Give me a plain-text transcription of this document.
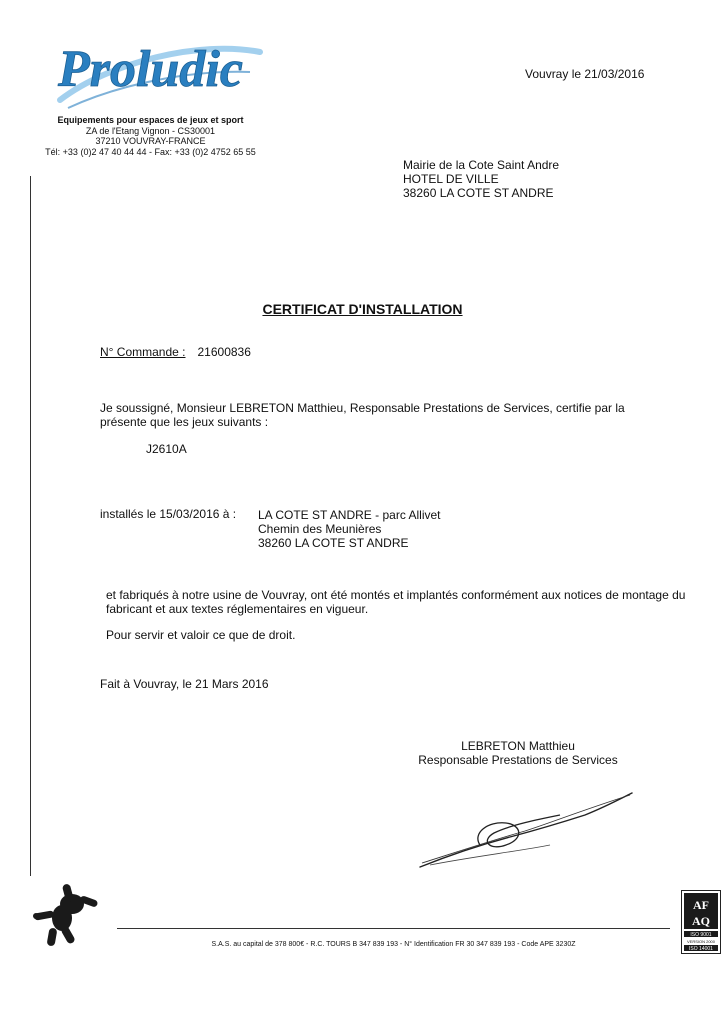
Proludic
Equipements pour espaces de jeux et sport
ZA de l'Etang Vignon - CS30001
37210 VOUVRAY-FRANCE
Tél: +33 (0)2 47 40 44 44 - Fax: +33 (0)2 4752 65 55
Vouvray le 21/03/2016
Mairie de la Cote Saint Andre
HOTEL DE VILLE
38260 LA COTE ST ANDRE
CERTIFICAT D'INSTALLATION
N° Commande : 21600836
Je soussigné, Monsieur LEBRETON Matthieu, Responsable Prestations de Services, certifie par la présente que les jeux suivants :
J2610A
installés le 15/03/2016 à : LA COTE ST ANDRE - parc Allivet
Chemin des Meunières
38260 LA COTE ST ANDRE
et fabriqués à notre usine de Vouvray, ont été montés et implantés conformément aux notices de montage du fabricant et aux textes réglementaires en vigueur.
Pour servir et valoir ce que de droit.
Fait à Vouvray, le 21 Mars 2016
LEBRETON Matthieu
Responsable Prestations de Services
S.A.S. au capital de 378 800€ - R.C. TOURS B 347 839 193 - N° Identification FR 30 347 839 193 - Code APE 3230Z
AF
AQ
ISO 9001
VERSION 2000
ISO 14001
